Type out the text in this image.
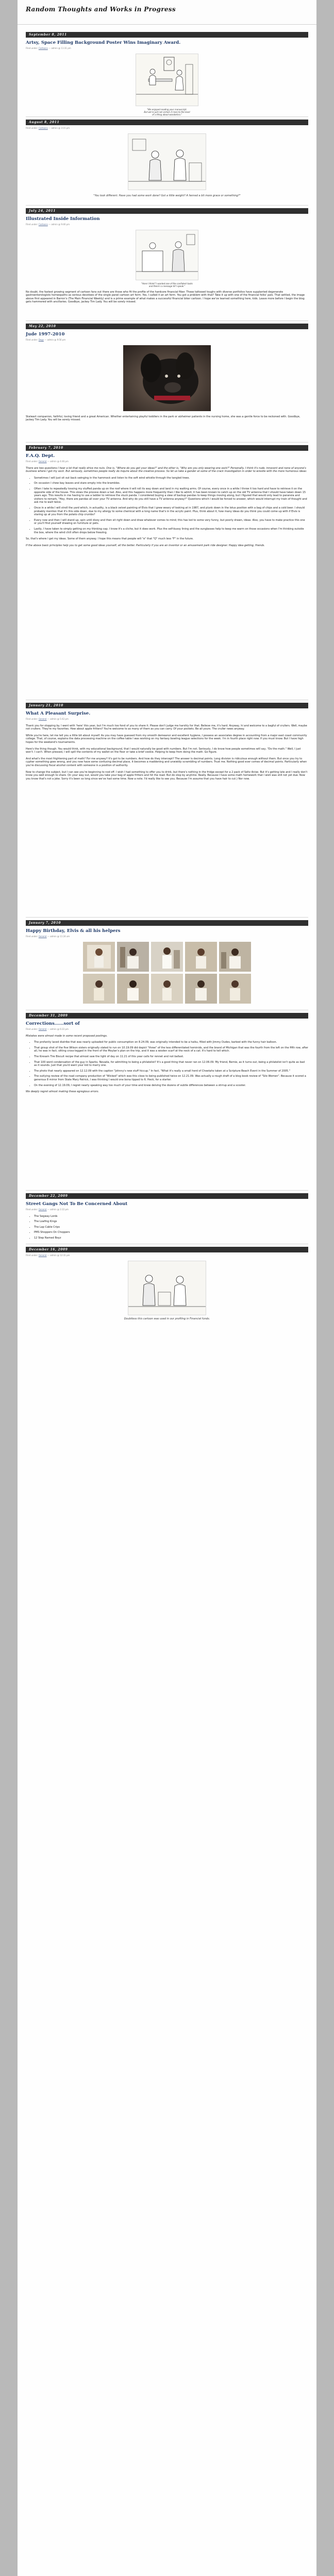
Random Thoughts and Works in Progress
September 8, 2011
Artsy, Space Filling Background Poster Wins Imaginary Award.
Filed under: Cartoons — admin @ 11:31 pm
"We enjoyed reading your manuscript.
But we're just not certain it rises to the level
of a thing about wonderbra."
August 8, 2011
Filed under: Cartoons — admin @ 3:15 pm
"You look different. Have you had some work done? Got a little weight? A fanned a bit more grace or something?"
July 24, 2011
Illustrated Inside Information
Filed under: Cartoons — admin @ 9:46 pm
"Here I think? I wanted one of the confident tasks
and there's a message till I speak."

No doubt, the fastest growing segment of cartoon fans out there are those who fit the profile of the hardcore financial fiber. These tattooed toughs with diverse portfolios have supplanted degenerate gastroenterologists homeopaths as serious devotees of the single panel cartoon art form. Yes, I called it an art form. You got a problem with that? Take it up with one of the financial folks' pals. That settled, the image above first appeared in Barron's (The Main Financial Weekly) and is a prime example of what makes a successful financial biker cartoon. I hope we've learned something here, kids. Leave more before I begin the blog gets hammered with ancillaries. Goodbye, jackey Tim Lady. You will be sorely missed.

May 22, 2010
Jude 1997-2010
Filed under: Dogs — admin @ 9:56 pm

Stalwart companion, faithful, loving friend and a great American. Whether entertaining playful toddlers in the park or alzheimer patients in the nursing home, she was a gentle force to be reckoned with. Goodbye, jackey Tim Lady. You will be sorely missed.

February 7, 2010
F.A.Q. Dept.
Filed under: General — admin @ 4:46 pm

There are two questions I hear a lot that really drive me nuts. One is, "Where do you get your ideas?" and the other is, "Why are you only wearing one sock?" Personally, I think it's rude, innocent and none of anyone's business where I got my sock. But seriously, sometimes people really do inquire about the creative process. So let us take a gander at some of the crack investigation in order to wrestle with the more humorous ideas:

• Sometimes I will just sit out back swinging in the hammock and listen to the soft wind whistle through the tangled trees.
• On occasion I chew bay leaves and stare empty into the brambles.
• Often I take to repeatedly tossing my stuffed panda up on the roof where it will roll its way down and land in my waiting arms. Of course, every once in a while I throw it too hard and have to retrieve it on the opposite side of the house. This slows the process down a tad. Also, and this happens more frequently than I like to admit, it has been known to catch up on the old TV antenna that I should have taken down 15 years ago. This results in me having to use a ladder to retrieve the stuck panda. I considered buying a slew of backup pandas to keep things moving along, but I figured that would only lead to paranoia and visitors to remark, "Hey, there are pandas all over your TV antenna. And why do you still have a TV antenna anyway?" Questions which I would be forced to answer, which would interrupt my train of thought and ask me to wait twice.
• Once in a while I will stroll the yard which, in actuality, is a black velvet painting of Elvis that I grew weary of looking at in 1987, and plunk down in the lotus position with a bag of chips and a cold beer. I should probably mention that it's this side down, due to my allergy to some chemical with a long name that's in the acrylic paint. Plus, think about it, how many ideas do you think you could come up with if Elvis is staring up at you from the potato chip crumbs?
• Every now and then I will stand up, spin until dizzy and then sit right down and draw whatever comes to mind; this has led to some very funny, but poorly drawn, ideas. Also, you have to make practice this one or you'll find yourself drawing on furniture or pets.
• Lastly, I have taken to simply getting on my thinking cap. I know it's a cliche, but it does work. Plus the self-bussy lining and the sunglasses help to keep me warm on those occasions when I'm thinking outside the box, where the wind chill often drops below freezing.

So, that's where I get my ideas. Some of them anyway. I hope this means that people will "e" that "Q" much less "F" in the future.

If the above basic principles help you to get some good ideas yourself, all the better. Particularly if you are an inventor or an amusement park ride designer. Happy idea getting, friends.

January 21, 2010
What A Pleasant Surprise.
Filed under: General — admin @ 5:42 pm

Thank you for stopping by. I went with 'here' this year, but I'm much too fond of you to share it. Please don't judge me harshly for that. Believe me, it's hard. Anyway, hi and welcome to a bagful of crullers. Well, maybe not crullers. They're my favorites. How about apple fritters? You're welcome to as many of them as you can carry. Of your pockets. Be all yours. The cruller news anyway.

While you're here, let me tell you a little bit about myself. As you may have guessed from my smooth demeanor and excellent hygiene, I possess an associates degree in accounting from a major east coast community college. That, of course, explains the data processing machine on the coffee table I was working on my fantasy bowling league selections for the week. I'm in fourth place right now. If you must know. But I have high hopes for the weekend's tournaments.

Here's the thing though. You would think, with my educational background, that I would naturally be good with numbers. But I'm not. Seriously, I do know how people sometimes will say, "Do the math." Well, I just won't. I can't. When pressed, I will spill the contents of my wallet on the floor or take a brief cookie. Helping to keep from doing the math. Go figure.

And what's the most frightening part of math? For me anyway? It's got to be numbers. And how do they intercept? The answer is decimal points. Long division is ridiculous enough without them. But once you try to cypher something goes wrong, and you now have some confusing decimal place, it becomes a maddening and unwieldy scrambling of numbers. Trust me. Nothing good ever comes of decimal points. Particularly when you're discussing fiscal alcohol content with someone in a position of authority.

Now to change the subject, but I can see you're beginning to nod off. I wish I had something to offer you to drink, but there's nothing in the fridge except for a 2 pack of Seltz Anise. But it's getting late and I really don't know you well enough to share. On your way out, would you take your bag of apple fritters and hit the road. But do stop by anytime. Really. Because I have some math homework that I wish was still not yet due. Now you know that's not a joke. Sorry it's been so long since we've had some time. Now a note. I'd really like to see you. Because I'm assume that you have hair to cut.) Nor now.

January 7, 2010
Happy Birthday, Elvis & all his helpers
Filed under: General — admin @ 11:24 am
December 31, 2009
Corrections......sort of
Filed under: General — admin @ 6:22 pm

Mistakes were almost made in some recent proposed postings.

• The profanity laced diatribe that was nearly uploaded for public consumption on 8.24.09, was originally intended to be a haiku, filled with Jimmy Dudes, barbed with the funny hair balloon.
• That group shot of the five Wilson sisters originally slated to run on 10.19.09 did depict "three" of the less differentiated hominids, and the brand of Michigan that was the fourth from the left on the fifth row, after all, he was in fact, sitting cross-legged in the front of the Moylan's plan on the trip, and it was a woolen scarf at the neck of a cat. It's hard to tell which.
• The Kresam Tire Biscuit recipe that almost saw the light of day on 11.21 of this year calls for rennet and not ballast.
• That 100 word condensation of the guy in Sparks, Nevada, for admitting to being a philatelist? It's a good thing that never ran on 12.06.09. My friend, Bernie, as it turns out, being a philatelist isn't quite as bad as it sounds. Just that you'd want your kid to marry one.
• The photo that nearly appeared on 12.12.09 with the caption "Johnny's new stuff hiccup." In fact, "What it's really a small herd of Cheetahs taken at a Scripture Beach Event in the Summer of 2005."
• The outlying review of the road company production of "Wicked" which was this close to being published twice on 12.21.09. Was actually a rough draft of a blog book review of "Silo Women". Because it scored a generous 8 mirror from State Mary Patrick, I was thinking I would one bona tipped to 6. Heck, for a starter.
• On the evening of 12.19.09, I regret nearly speaking way too much of your time and knew delving the dozens of subtle differences between a stirrup and a scooter.

We deeply regret almost making these egregious errors.

December 22, 2009
Street Gangs Not To Be Concerned About
Filed under: General — admin @ 2:22 pm
• The Segway Lords
• The Loafing Kings
• The Lap Cable Crips
• PMS Shoppers On Choppers
• 12 Step Named Boyz
December 16, 2009
Filed under: General — admin @ 12:31 pm
Doubtless this cartoon was used in our profiling in Financial funds.
